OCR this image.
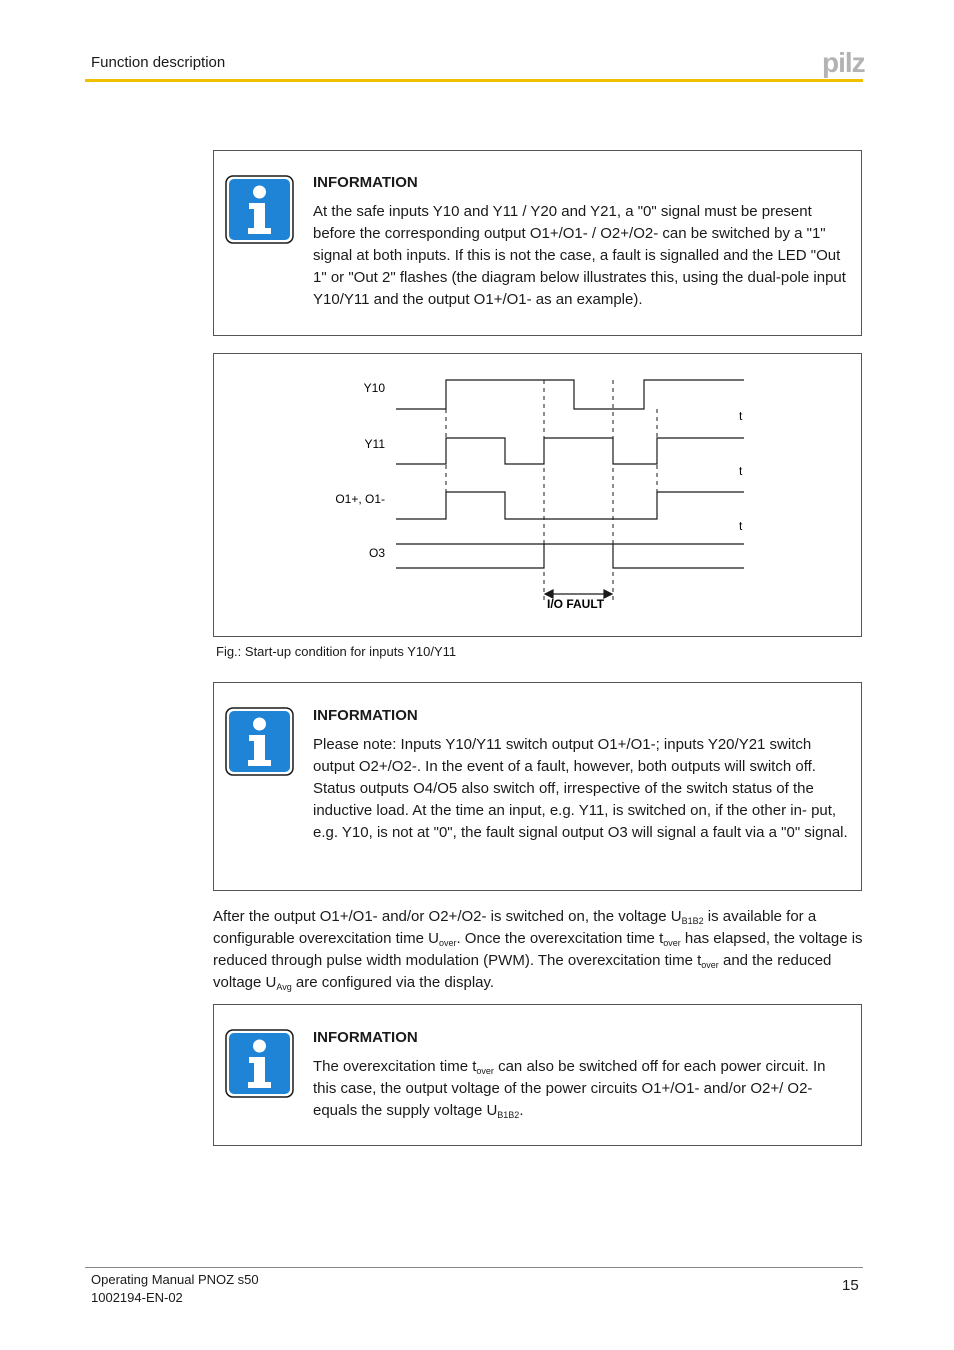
Function description	pilz
INFORMATION
At the safe inputs Y10 and Y11 / Y20 and Y21, a "0" signal must be present before the corresponding output O1+/O1- / O2+/O2- can be switched by a "1" signal at both inputs. If this is not the case, a fault is signalled and the LED "Out 1" or "Out 2" flashes (the diagram below illustrates this, using the dual-pole input Y10/Y11 and the output O1+/O1- as an example).
Y10
Y11
O1+, O1-
O3
t
t
t
I/O FAULT
Fig.: Start-up condition for inputs Y10/Y11
INFORMATION
Please note: Inputs Y10/Y11 switch output O1+/O1-; inputs Y20/Y21 switch output O2+/O2-. In the event of a fault, however, both outputs will switch off. Status outputs O4/O5 also switch off, irrespective of the switch status of the inductive load. At the time an input, e.g. Y11, is switched on, if the other in- put, e.g. Y10, is not at "0", the fault signal output O3 will signal a fault via a "0" signal.
After the output O1+/O1- and/or O2+/O2- is switched on, the voltage $U_{B1B2}$ is available for a configurable overexcitation time $U_{over}$. Once the overexcitation time $t_{over}$ has elapsed, the voltage is reduced through pulse width modulation (PWM). The overexcitation time $t_{over}$ and the reduced voltage $U_{Avg}$ are configured via the display.
INFORMATION
The overexcitation time $t_{over}$ can also be switched off for each power circuit. In this case, the output voltage of the power circuits O1+/O1- and/or O2+/ O2- equals the supply voltage $U_{B1B2}$.
Operating Manual PNOZ s50
1002194-EN-02
15
